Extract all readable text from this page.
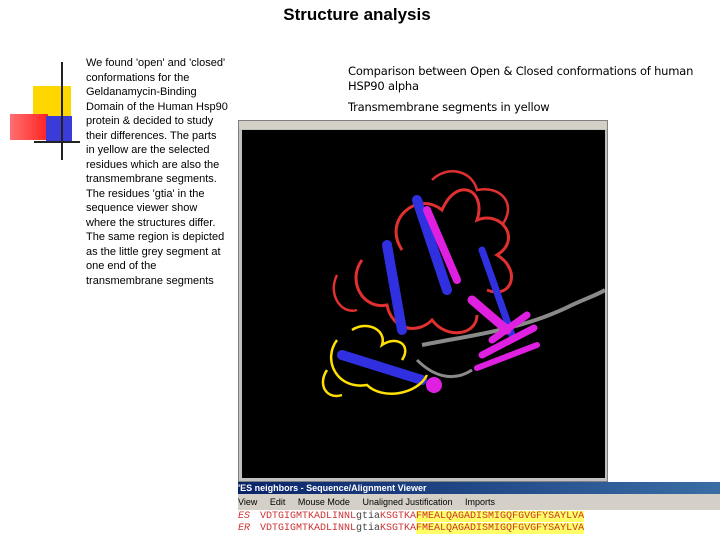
Structure analysis
We found 'open' and 'closed' conformations for the Geldanamycin-Binding Domain of the Human Hsp90 protein & decided to study their differences. The parts in yellow are the selected residues which are also the transmembrane segments. The residues 'gtia' in the sequence viewer show where the structures differ. The same region is depicted as the little grey segment at one end of the transmembrane segments
Comparison between Open & Closed conformations of human HSP90 alpha
Transmembrane segments in yellow
'ES neighbors - Sequence/Alignment Viewer
View Edit Mouse Mode Unaligned Justification Imports
ES VDTGIGMTKADLINNLgtiaKSGTKAFMEALQAGADISMIGQFGVGFYSAYLVA
ER VDTGIGMTKADLINNLgtiaKSGTKAFMEALQAGADISMIGQFGVGFYSAYLVA
